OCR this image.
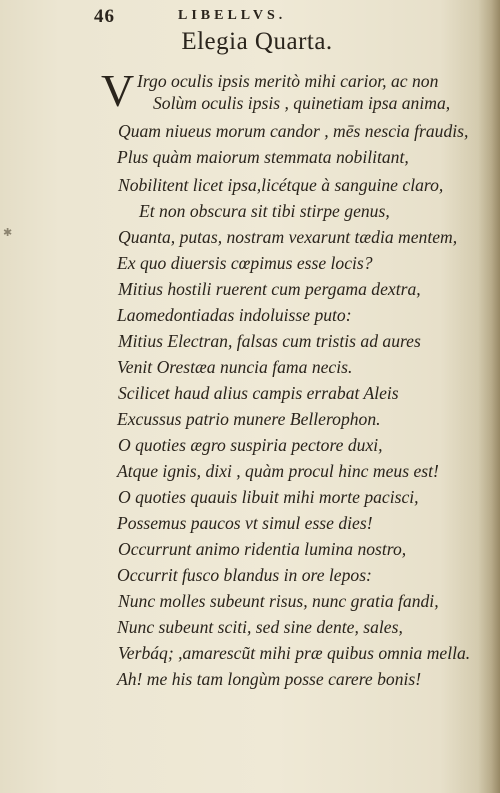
✱
46	LIBELLVS.
Elegia Quarta.
V Irgo oculis ipsis meritò mihi carior, ac non
Solùm oculis ipsis , quinetiam ipsa anima,
Quam niueus morum candor , mēs nescia fraudis,
Plus quàm maiorum stemmata nobilitant,
Nobilitent licet ipsa,licétque à sanguine claro,
Et non obscura sit tibi stirpe genus,
Quanta, putas, nostram vexarunt tædia mentem,
Ex quo diuersis cœpimus esse locis?
Mitius hostili ruerent cum pergama dextra,
Laomedontiadas indoluisse puto:
Mitius Electran, falsas cum tristis ad aures
Venit Orestæa nuncia fama necis.
Scilicet haud alius campis errabat Aleis
Excussus patrio munere Bellerophon.
O quoties ægro suspiria pectore duxi,
Atque ignis, dixi , quàm procul hinc meus est!
O quoties quauis libuit mihi morte pacisci,
Possemus paucos vt simul esse dies!
Occurrunt animo ridentia lumina nostro,
Occurrit fusco blandus in ore lepos:
Nunc molles subeunt risus, nunc gratia fandi,
Nunc subeunt sciti, sed sine dente, sales,
Verbáq; ,amarescũt mihi præ quibus omnia mella.
Ah! me his tam longùm posse carere bonis!
